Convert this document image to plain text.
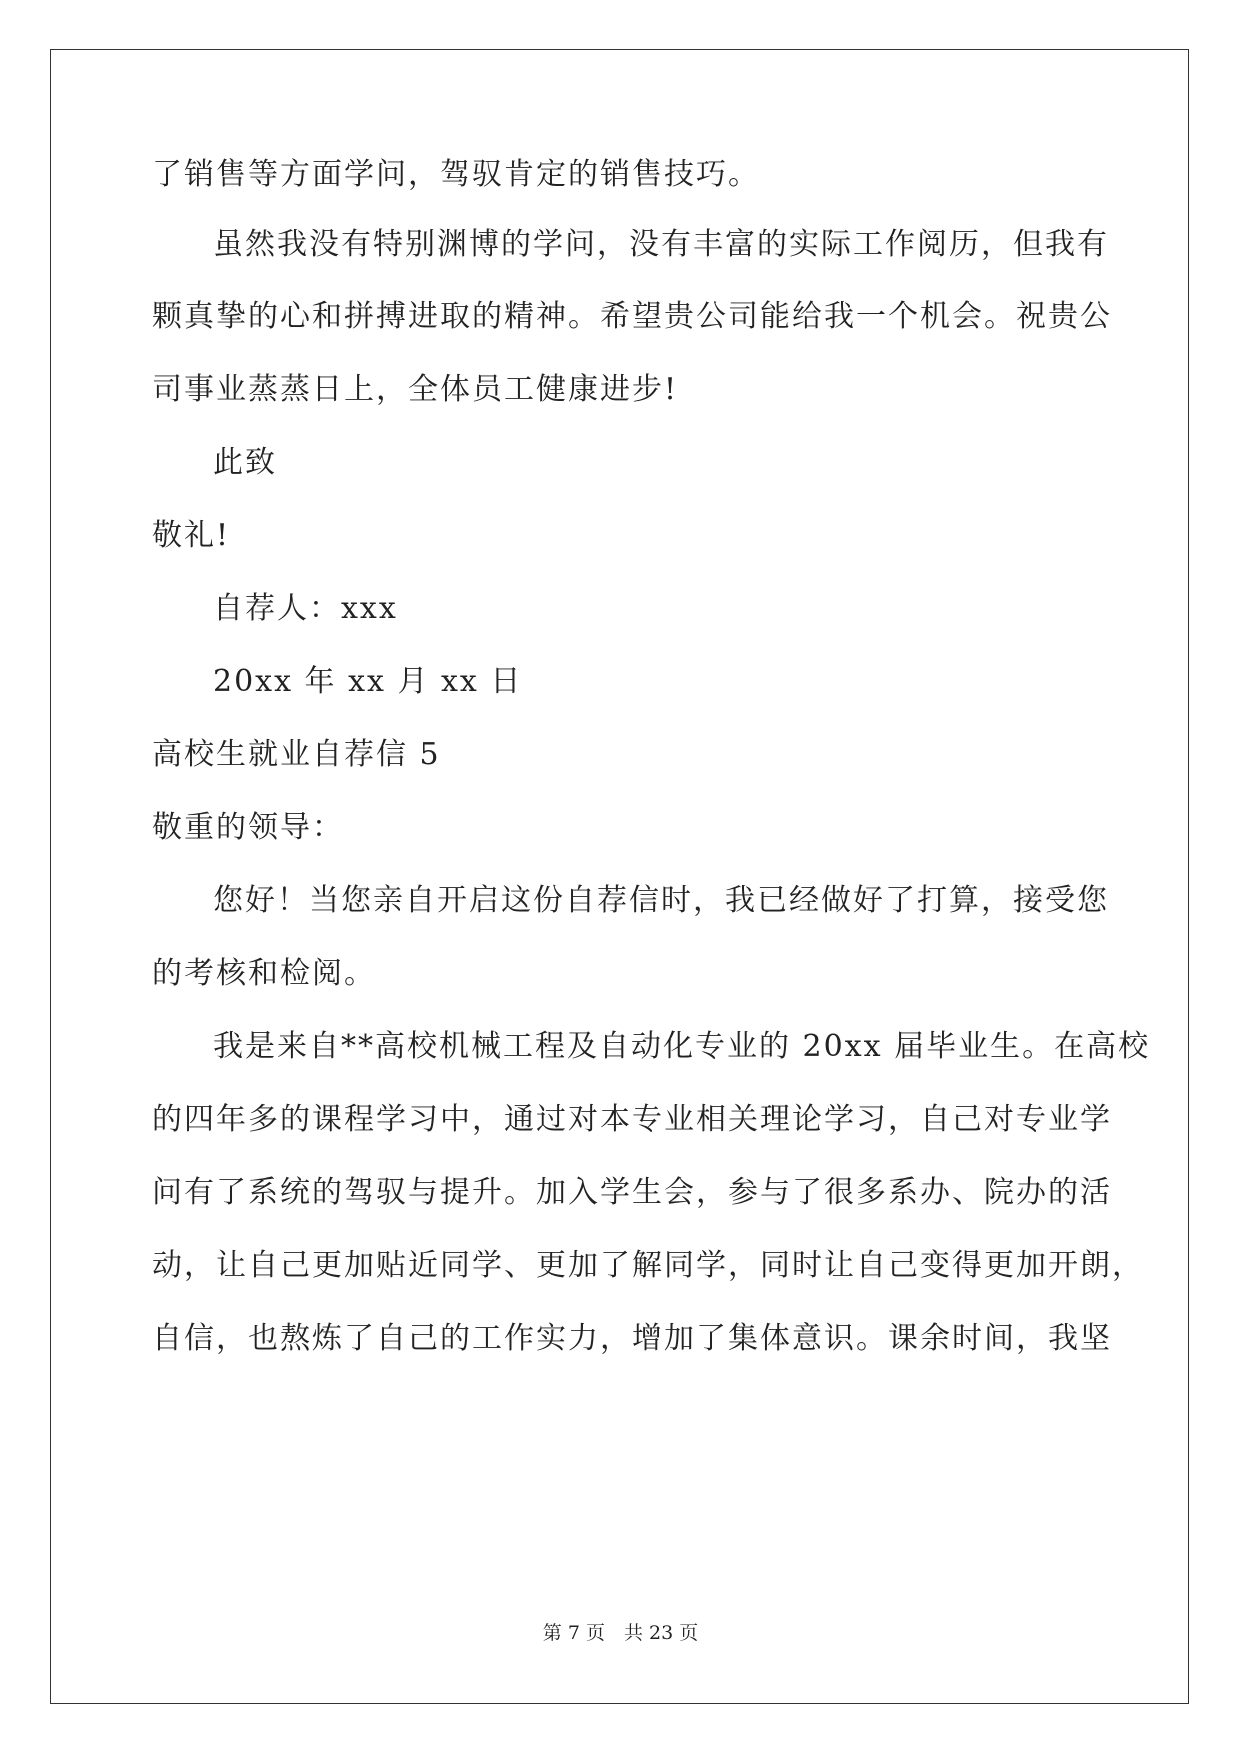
了销售等方面学问，驾驭肯定的销售技巧。
虽然我没有特别渊博的学问，没有丰富的实际工作阅历，但我有
颗真挚的心和拼搏进取的精神。希望贵公司能给我一个机会。祝贵公
司事业蒸蒸日上，全体员工健康进步!
此致
敬礼!
自荐人：xxx
20xx 年 xx 月 xx 日
高校生就业自荐信 5
敬重的领导：
您好！当您亲自开启这份自荐信时，我已经做好了打算，接受您
的考核和检阅。
我是来自**高校机械工程及自动化专业的 20xx 届毕业生。在高校
的四年多的课程学习中，通过对本专业相关理论学习，自己对专业学
问有了系统的驾驭与提升。加入学生会，参与了很多系办、院办的活
动，让自己更加贴近同学、更加了解同学，同时让自己变得更加开朗，
自信，也熬炼了自己的工作实力，增加了集体意识。课余时间，我坚
第 7 页　共 23 页
